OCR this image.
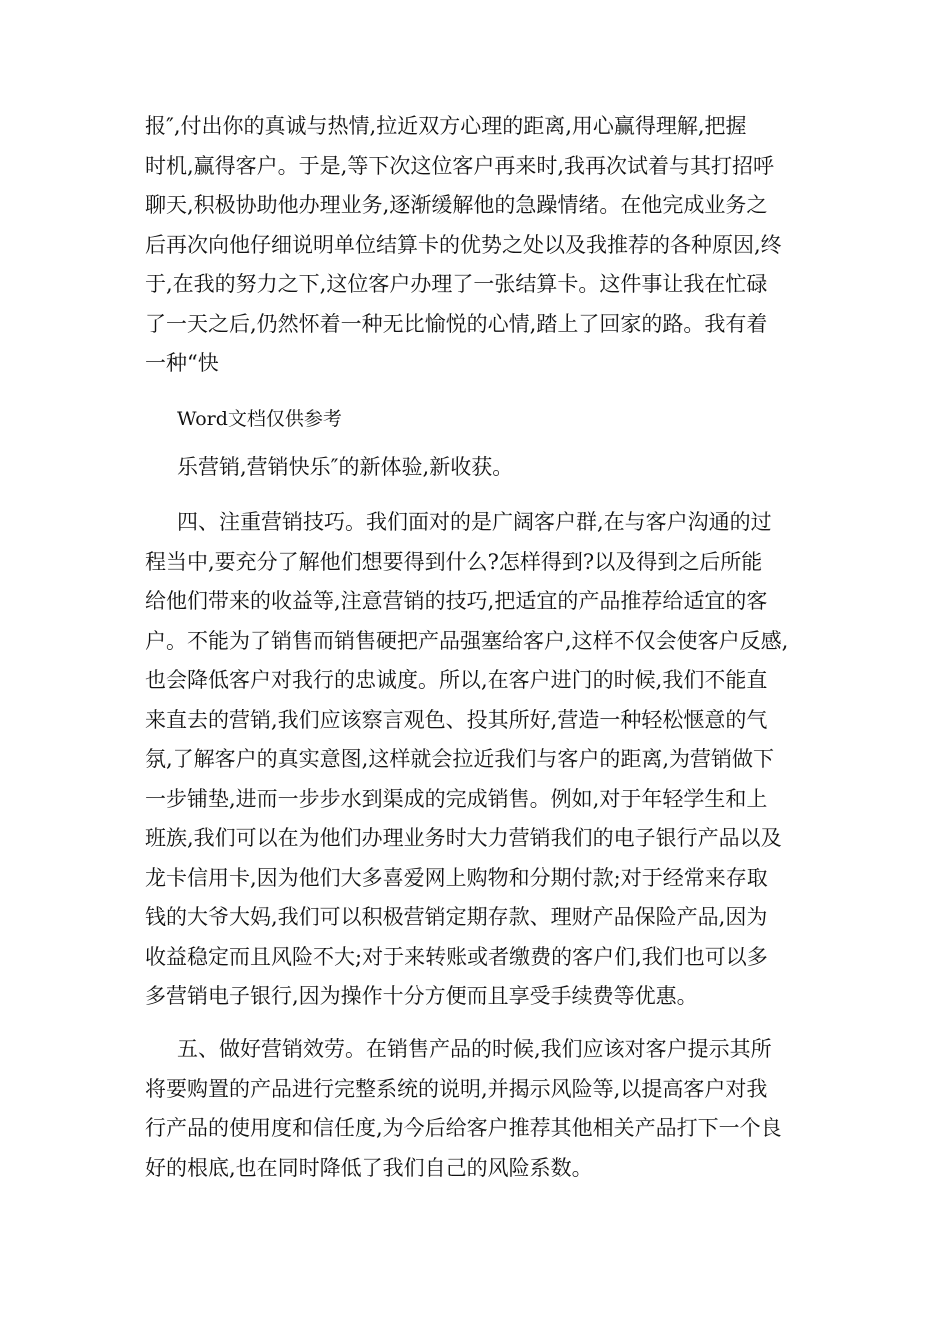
报″,付出你的真诚与热情,拉近双方心理的距离,用心赢得理解,把握
时机,赢得客户。于是,等下次这位客户再来时,我再次试着与其打招呼
聊天,积极协助他办理业务,逐渐缓解他的急躁情绪。在他完成业务之
后再次向他仔细说明单位结算卡的优势之处以及我推荐的各种原因,终
于,在我的努力之下,这位客户办理了一张结算卡。这件事让我在忙碌
了一天之后,仍然怀着一种无比愉悦的心情,踏上了回家的路。我有着
一种“快

Word文档仅供参考

乐营销,营销快乐″的新体验,新收获。

四、注重营销技巧。我们面对的是广阔客户群,在与客户沟通的过
程当中,要充分了解他们想要得到什么?怎样得到?以及得到之后所能
给他们带来的收益等,注意营销的技巧,把适宜的产品推荐给适宜的客
户。不能为了销售而销售硬把产品强塞给客户,这样不仅会使客户反感,
也会降低客户对我行的忠诚度。所以,在客户进门的时候,我们不能直
来直去的营销,我们应该察言观色、投其所好,营造一种轻松惬意的气
氛,了解客户的真实意图,这样就会拉近我们与客户的距离,为营销做下
一步铺垫,进而一步步水到渠成的完成销售。例如,对于年轻学生和上
班族,我们可以在为他们办理业务时大力营销我们的电子银行产品以及
龙卡信用卡,因为他们大多喜爱网上购物和分期付款;对于经常来存取
钱的大爷大妈,我们可以积极营销定期存款、理财产品保险产品,因为
收益稳定而且风险不大;对于来转账或者缴费的客户们,我们也可以多
多营销电子银行,因为操作十分方便而且享受手续费等优惠。
五、做好营销效劳。在销售产品的时候,我们应该对客户提示其所
将要购置的产品进行完整系统的说明,并揭示风险等,以提高客户对我
行产品的使用度和信任度,为今后给客户推荐其他相关产品打下一个良
好的根底,也在同时降低了我们自己的风险系数。
